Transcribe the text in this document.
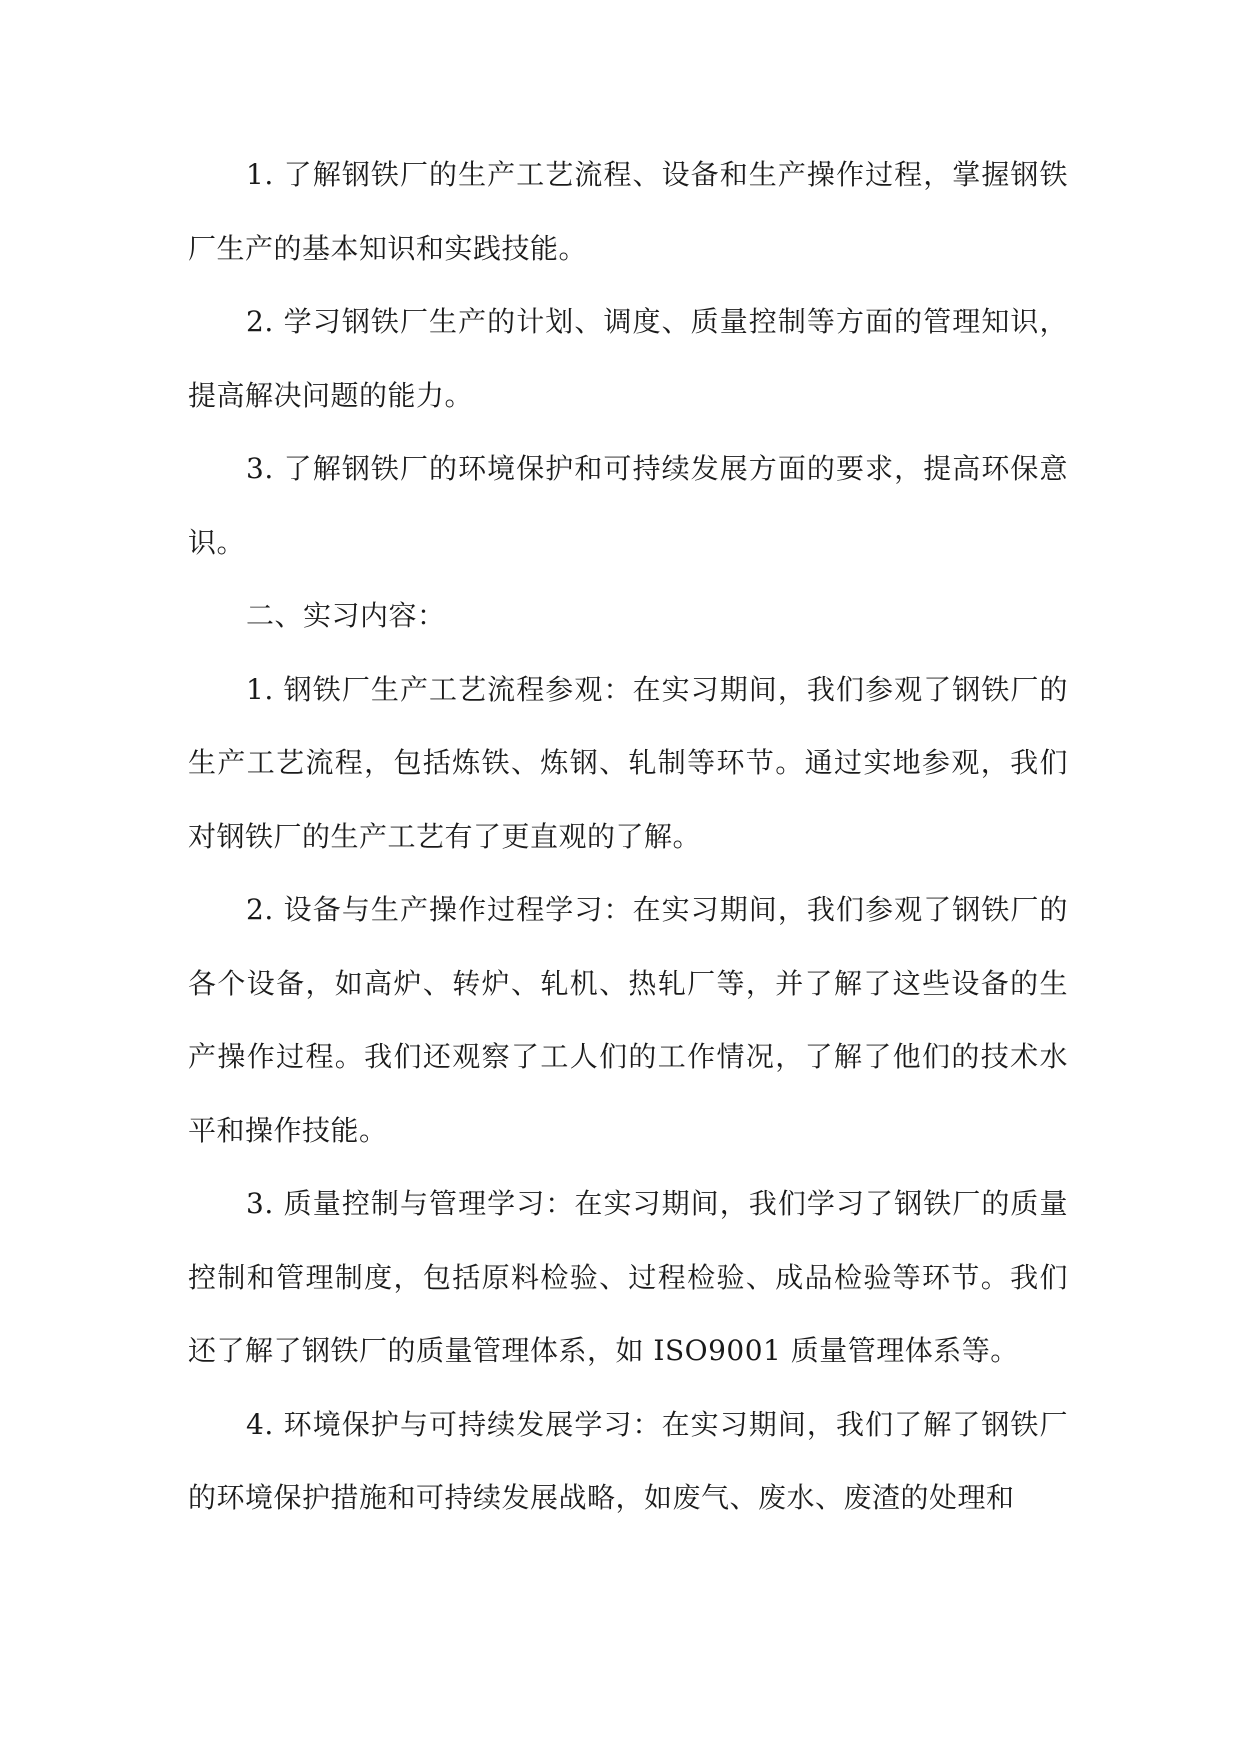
1. 了解钢铁厂的生产工艺流程、设备和生产操作过程，掌握钢铁厂生产的基本知识和实践技能。

2. 学习钢铁厂生产的计划、调度、质量控制等方面的管理知识，提高解决问题的能力。

3. 了解钢铁厂的环境保护和可持续发展方面的要求，提高环保意识。

二、实习内容：

1. 钢铁厂生产工艺流程参观：在实习期间，我们参观了钢铁厂的生产工艺流程，包括炼铁、炼钢、轧制等环节。通过实地参观，我们对钢铁厂的生产工艺有了更直观的了解。

2. 设备与生产操作过程学习：在实习期间，我们参观了钢铁厂的各个设备，如高炉、转炉、轧机、热轧厂等，并了解了这些设备的生产操作过程。我们还观察了工人们的工作情况，了解了他们的技术水平和操作技能。

3. 质量控制与管理学习：在实习期间，我们学习了钢铁厂的质量控制和管理制度，包括原料检验、过程检验、成品检验等环节。我们还了解了钢铁厂的质量管理体系，如 ISO9001 质量管理体系等。

4. 环境保护与可持续发展学习：在实习期间，我们了解了钢铁厂的环境保护措施和可持续发展战略，如废气、废水、废渣的处理和
